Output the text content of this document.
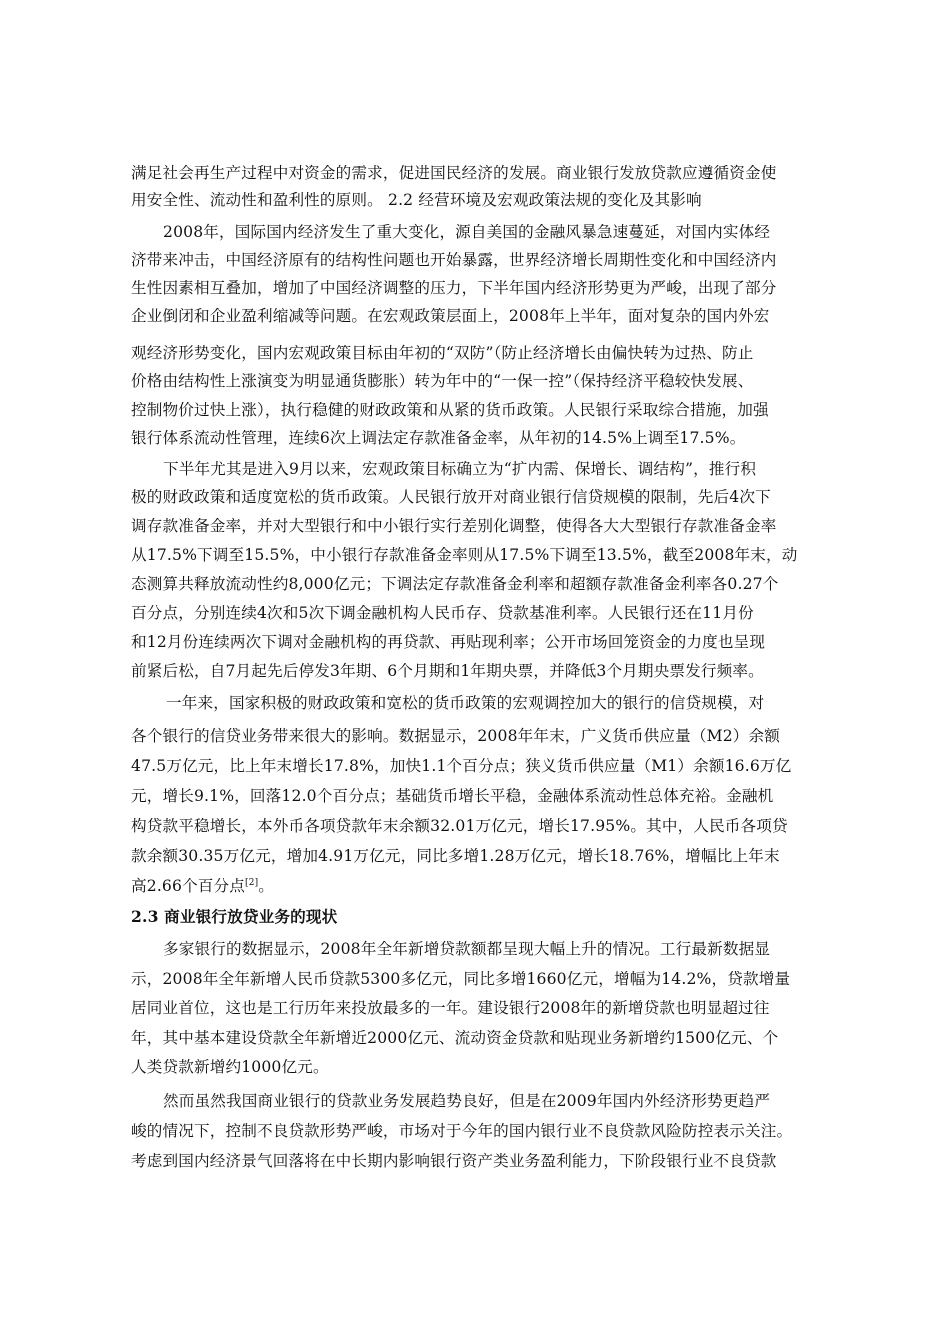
满足社会再生产过程中对资金的需求，促进国民经济的发展。商业银行发放贷款应遵循资金使
用安全性、流动性和盈利性的原则。 2.2 经营环境及宏观政策法规的变化及其影响
2008年，国际国内经济发生了重大变化，源自美国的金融风暴急速蔓延，对国内实体经
济带来冲击，中国经济原有的结构性问题也开始暴露，世界经济增长周期性变化和中国经济内
生性因素相互叠加，增加了中国经济调整的压力，下半年国内经济形势更为严峻，出现了部分
企业倒闭和企业盈利缩减等问题。在宏观政策层面上，2008年上半年，面对复杂的国内外宏
观经济形势变化，国内宏观政策目标由年初的“双防”（防止经济增长由偏快转为过热、防止
价格由结构性上涨演变为明显通货膨胀）转为年中的“一保一控”（保持经济平稳较快发展、
控制物价过快上涨），执行稳健的财政政策和从紧的货币政策。人民银行采取综合措施，加强
银行体系流动性管理，连续6次上调法定存款准备金率，从年初的14.5%上调至17.5%。
下半年尤其是进入9月以来，宏观政策目标确立为“扩内需、保增长、调结构”，推行积
极的财政政策和适度宽松的货币政策。人民银行放开对商业银行信贷规模的限制，先后4次下
调存款准备金率，并对大型银行和中小银行实行差别化调整，使得各大大型银行存款准备金率
从17.5%下调至15.5%，中小银行存款准备金率则从17.5%下调至13.5%，截至2008年末，动
态测算共释放流动性约8,000亿元；下调法定存款准备金利率和超额存款准备金利率各0.27个
百分点，分别连续4次和5次下调金融机构人民币存、贷款基准利率。人民银行还在11月份
和12月份连续两次下调对金融机构的再贷款、再贴现利率；公开市场回笼资金的力度也呈现
前紧后松，自7月起先后停发3年期、6个月期和1年期央票，并降低3个月期央票发行频率。
一年来，国家积极的财政政策和宽松的货币政策的宏观调控加大的银行的信贷规模，对
各个银行的信贷业务带来很大的影响。数据显示，2008年年末，广义货币供应量（M2）余额
47.5万亿元，比上年末增长17.8%，加快1.1个百分点；狭义货币供应量（M1）余额16.6万亿
元，增长9.1%，回落12.0个百分点；基础货币增长平稳，金融体系流动性总体充裕。金融机
构贷款平稳增长，本外币各项贷款年末余额32.01万亿元，增长17.95%。其中，人民币各项贷
款余额30.35万亿元，增加4.91万亿元，同比多增1.28万亿元，增长18.76%，增幅比上年末
高2.66个百分点[2]。
2.3 商业银行放贷业务的现状
多家银行的数据显示，2008年全年新增贷款额都呈现大幅上升的情况。工行最新数据显
示，2008年全年新增人民币贷款5300多亿元，同比多增1660亿元，增幅为14.2%，贷款增量
居同业首位，这也是工行历年来投放最多的一年。建设银行2008年的新增贷款也明显超过往
年，其中基本建设贷款全年新增近2000亿元、流动资金贷款和贴现业务新增约1500亿元、个
人类贷款新增约1000亿元。
然而虽然我国商业银行的贷款业务发展趋势良好，但是在2009年国内外经济形势更趋严
峻的情况下，控制不良贷款形势严峻，市场对于今年的国内银行业不良贷款风险防控表示关注。
考虑到国内经济景气回落将在中长期内影响银行资产类业务盈利能力，下阶段银行业不良贷款
